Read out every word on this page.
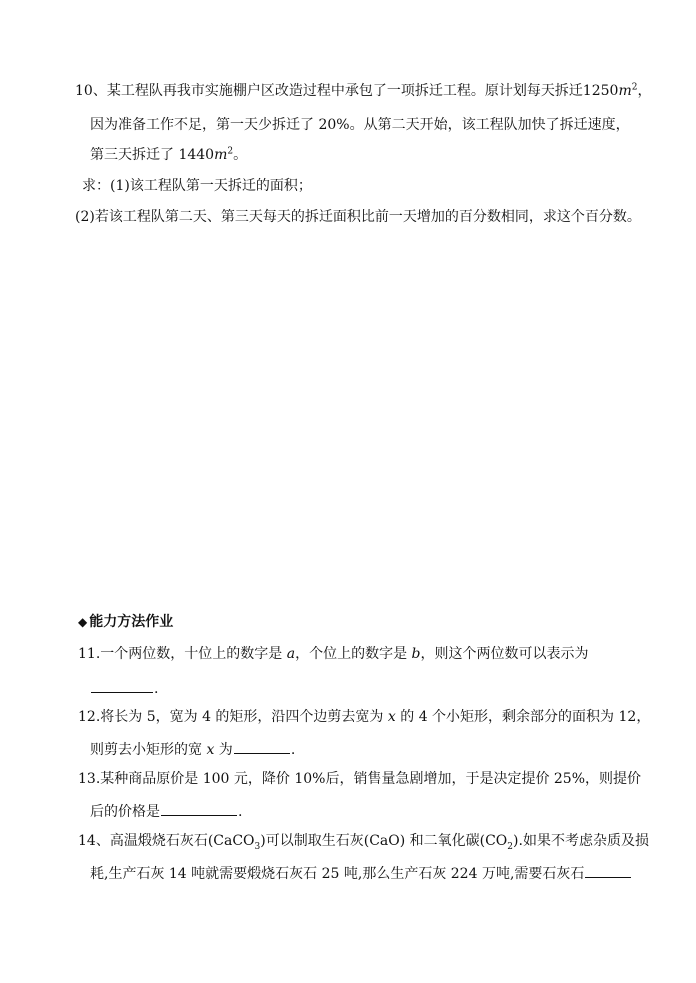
10、某工程队再我市实施棚户区改造过程中承包了一项拆迁工程。原计划每天拆迁$1250m^2$，
因为准备工作不足，第一天少拆迁了 20%。从第二天开始，该工程队加快了拆迁速度，
第三天拆迁了 $1440m^2$。
求：(1)该工程队第一天拆迁的面积；
(2)若该工程队第二天、第三天每天的拆迁面积比前一天增加的百分数相同，求这个百分数。
◆ 能力方法作业
11.一个两位数，十位上的数字是 a，个位上的数字是 b，则这个两位数可以表示为
.
12.将长为 5，宽为 4 的矩形，沿四个边剪去宽为 x 的 4 个小矩形，剩余部分的面积为 12，
则剪去小矩形的宽 x 为	.
13.某种商品原价是 100 元，降价 10%后，销售量急剧增加，于是决定提价 25%，则提价
后的价格是	.
14、高温煅烧石灰石(CaCO$_3$)可以制取生石灰(CaO) 和二氧化碳$(CO_2)$.如果不考虑杂质及损
耗,生产石灰 14 吨就需要煅烧石灰石 25 吨,那么生产石灰 224 万吨,需要石灰石
